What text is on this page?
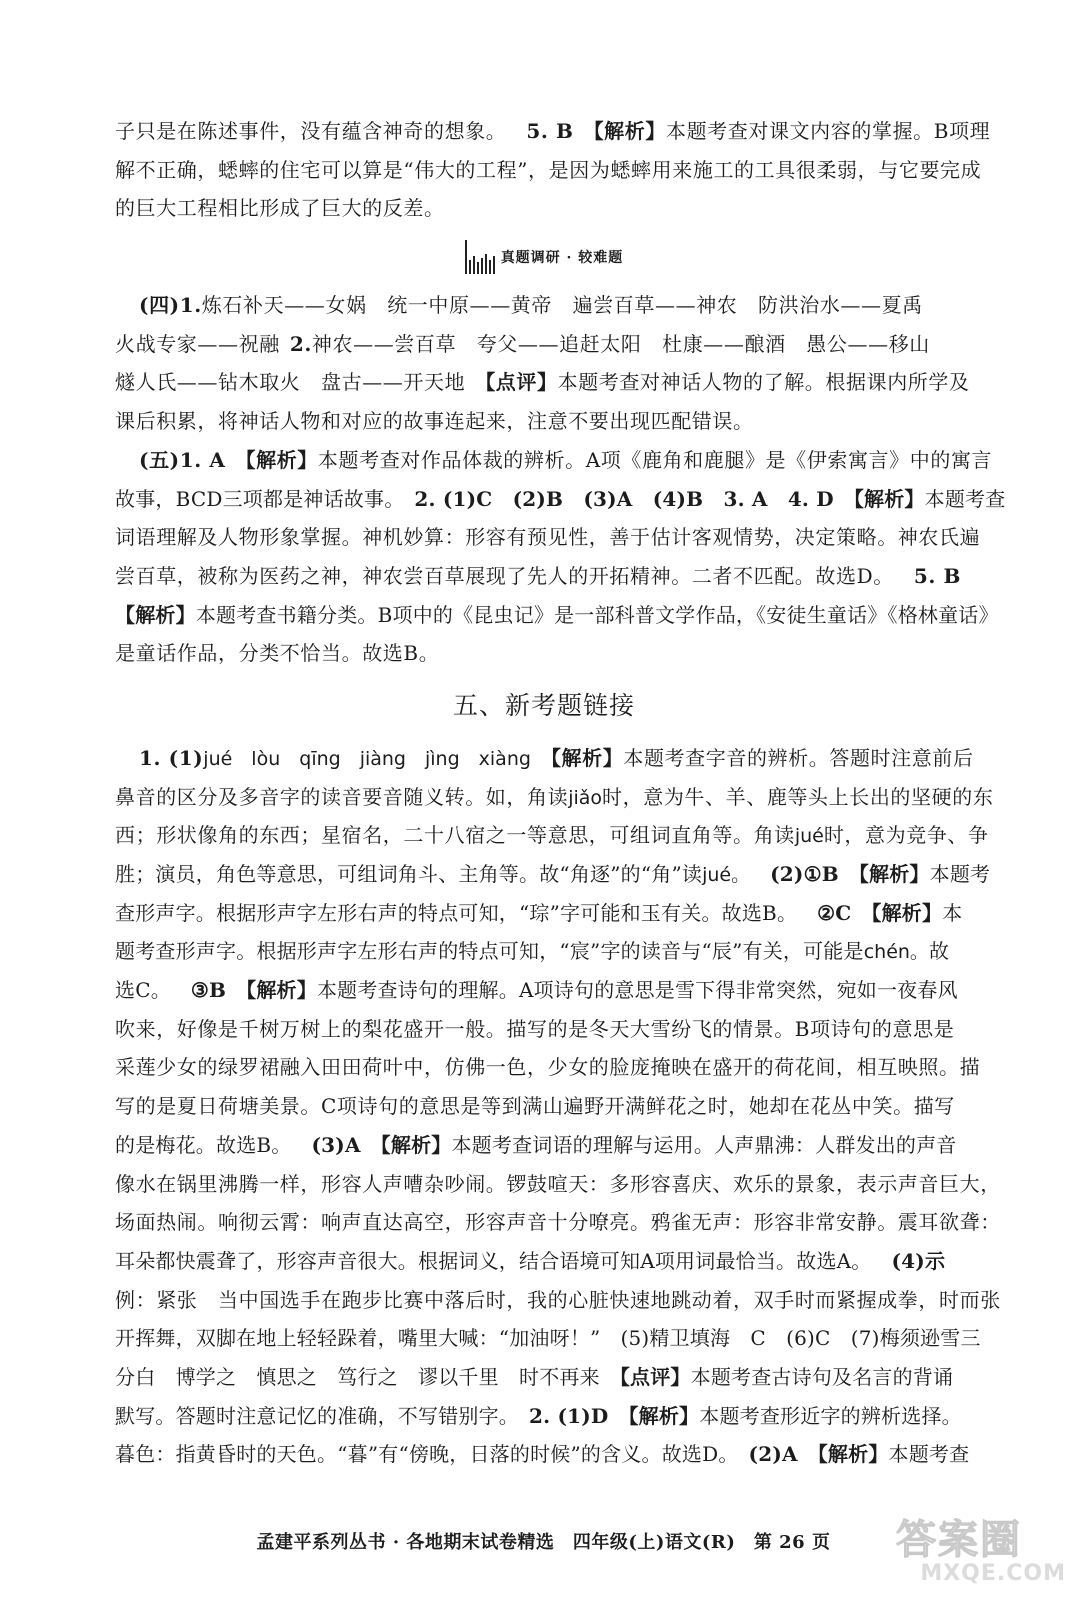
子只是在陈述事件，没有蕴含神奇的想象。 5. B 【解析】本题考查对课文内容的掌握。B项理
解不正确，蟋蟀的住宅可以算是“伟大的工程”，是因为蟋蟀用来施工的工具很柔弱，与它要完成
的巨大工程相比形成了巨大的反差。
真题调研 · 较难题
(四)1.炼石补天——女娲　统一中原——黄帝　遍尝百草——神农　防洪治水——夏禹
火战专家——祝融 2.神农——尝百草　夸父——追赶太阳　杜康——酿酒　愚公——移山
燧人氏——钻木取火　盘古——开天地 【点评】本题考查对神话人物的了解。根据课内所学及
课后积累，将神话人物和对应的故事连起来，注意不要出现匹配错误。
(五)1. A 【解析】本题考查对作品体裁的辨析。A项《鹿角和鹿腿》是《伊索寓言》中的寓言
故事，BCD三项都是神话故事。 2. (1)C　(2)B　(3)A　(4)B　3. A　4. D 【解析】本题考查
词语理解及人物形象掌握。神机妙算：形容有预见性，善于估计客观情势，决定策略。神农氏遍
尝百草，被称为医药之神，神农尝百草展现了先人的开拓精神。二者不匹配。故选D。 5. B
【解析】本题考查书籍分类。B项中的《昆虫记》是一部科普文学作品，《安徒生童话》《格林童话》
是童话作品，分类不恰当。故选B。
五、新考题链接
1. (1)jué　lòu　qīng　jiàng　jìng　xiàng 【解析】本题考查字音的辨析。答题时注意前后
鼻音的区分及多音字的读音要音随义转。如，角读jiǎo时，意为牛、羊、鹿等头上长出的坚硬的东
西；形状像角的东西；星宿名，二十八宿之一等意思，可组词直角等。角读jué时，意为竞争、争
胜；演员，角色等意思，可组词角斗、主角等。故“角逐”的“角”读jué。 (2)①B 【解析】本题考
查形声字。根据形声字左形右声的特点可知，“琮”字可能和玉有关。故选B。 ②C 【解析】本
题考查形声字。根据形声字左形右声的特点可知，“宸”字的读音与“辰”有关，可能是chén。故
选C。 ③B 【解析】本题考查诗句的理解。A项诗句的意思是雪下得非常突然，宛如一夜春风
吹来，好像是千树万树上的梨花盛开一般。描写的是冬天大雪纷飞的情景。B项诗句的意思是
采莲少女的绿罗裙融入田田荷叶中，仿佛一色，少女的脸庞掩映在盛开的荷花间，相互映照。描
写的是夏日荷塘美景。C项诗句的意思是等到满山遍野开满鲜花之时，她却在花丛中笑。描写
的是梅花。故选B。 (3)A 【解析】本题考查词语的理解与运用。人声鼎沸：人群发出的声音
像水在锅里沸腾一样，形容人声嘈杂吵闹。锣鼓喧天：多形容喜庆、欢乐的景象，表示声音巨大，
场面热闹。响彻云霄：响声直达高空，形容声音十分嘹亮。鸦雀无声：形容非常安静。震耳欲聋：
耳朵都快震聋了，形容声音很大。根据词义，结合语境可知A项用词最恰当。故选A。 (4)示
例：紧张　当中国选手在跑步比赛中落后时，我的心脏快速地跳动着，双手时而紧握成拳，时而张
开挥舞，双脚在地上轻轻跺着，嘴里大喊：“加油呀！” (5)精卫填海　C　(6)C　(7)梅须逊雪三
分白　博学之　慎思之　笃行之　谬以千里　时不再来 【点评】本题考查古诗句及名言的背诵
默写。答题时注意记忆的准确，不写错别字。 2. (1)D 【解析】本题考查形近字的辨析选择。
暮色：指黄昏时的天色。“暮”有“傍晚，日落的时候”的含义。故选D。 (2)A 【解析】本题考查
孟建平系列丛书 · 各地期末试卷精选　四年级(上)语文(R)　第 26 页	答案圈
MXQE.COM
